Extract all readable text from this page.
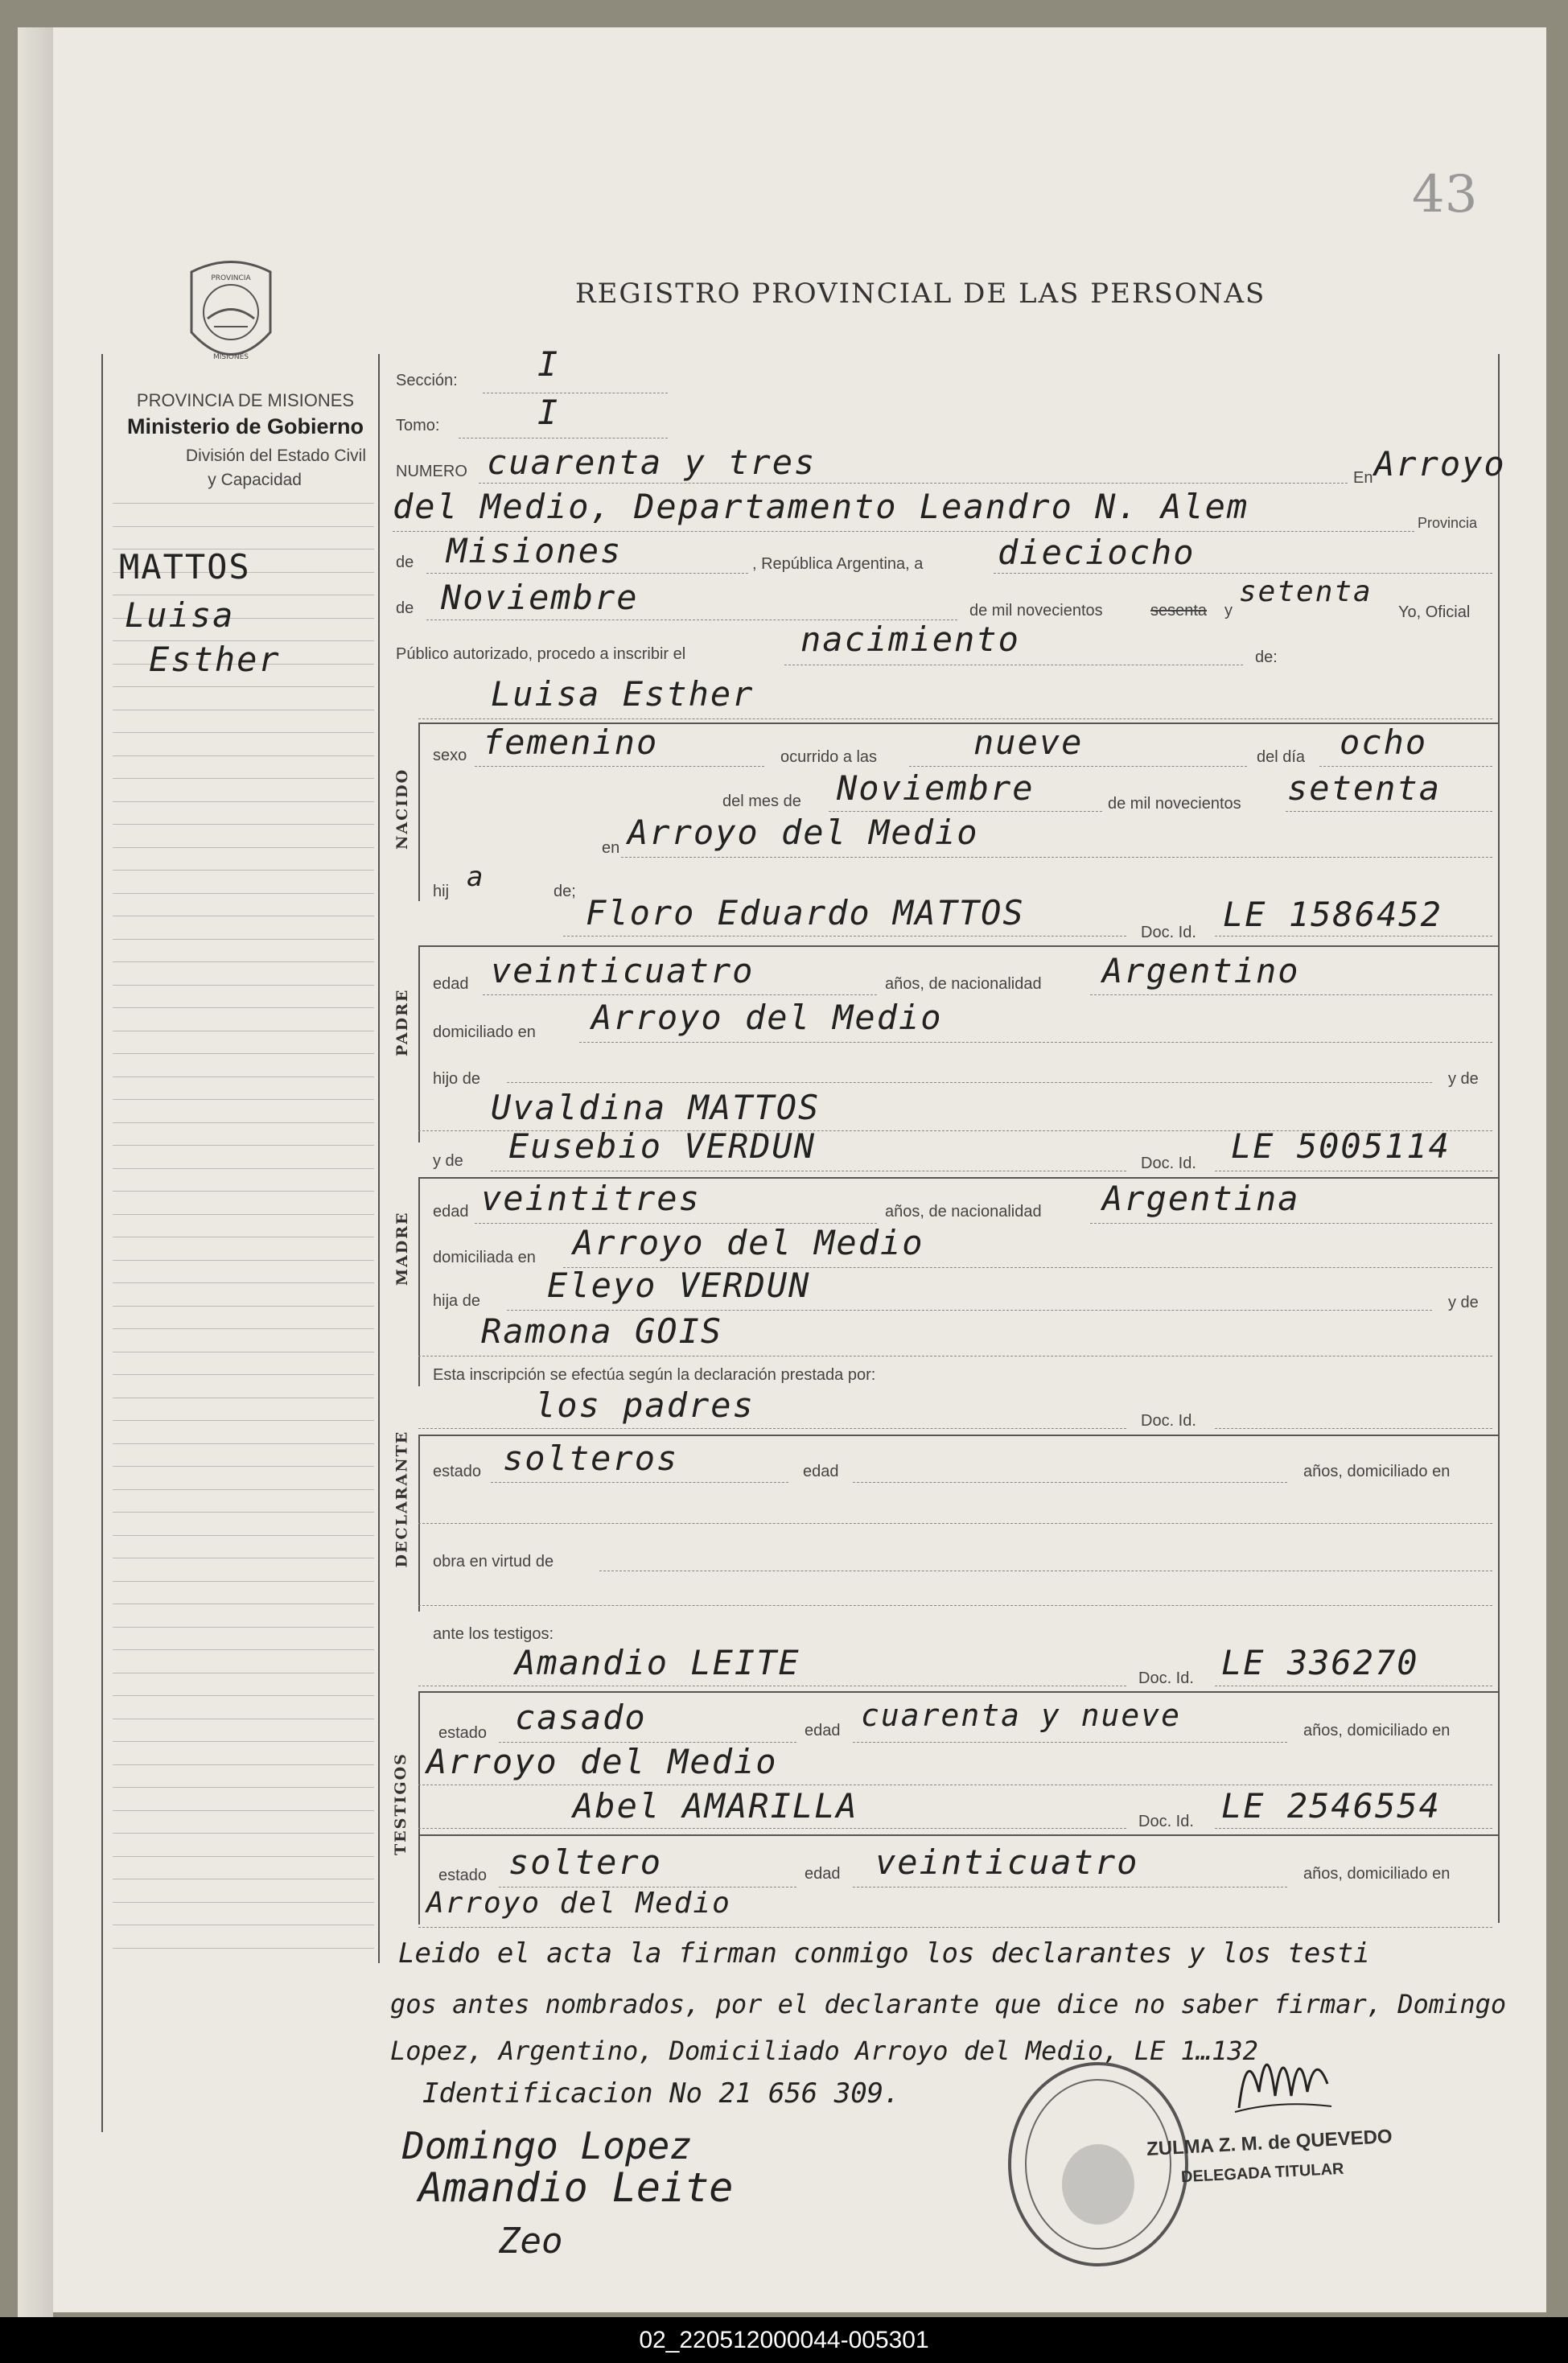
43
PROVINCIA
MISIONES
PROVINCIA DE MISIONES
Ministerio de Gobierno
División del Estado Civil
y Capacidad
REGISTRO PROVINCIAL DE LAS PERSONAS
MATTOS
Luisa
Esther
Sección: I
Tomo:	I
NUMERO cuarenta y tres	En Arroyo
del Medio, Departamento Leandro N. Alem	Provincia
de Misiones	, República Argentina, a dieciocho
de Noviembre	de mil novecientos	sesenta y
setenta
Yo, Oficial
Público autorizado, procedo a inscribir el	nacimiento	de:
Luisa Esther
NACIDO
sexo femenino	ocurrido a las	nueve	del día ocho
del mes de Noviembre	de mil novecientos setenta
en Arroyo del Medio
hij a	de;
Floro Eduardo MATTOS	Doc. Id. LE 1586452
PADRE
edad veinticuatro	años, de nacionalidad Argentino
domiciliado en Arroyo del Medio
hijo de	y de
Uvaldina MATTOS
y de Eusebio VERDUN	Doc. Id. LE 5005114
MADRE edad veintitres	años, de nacionalidad Argentina
domiciliada en Arroyo del Medio
hija de Eleyo VERDUN	y de
Ramona GOIS
Esta inscripción se efectúa según la declaración prestada por:
los padres	Doc. Id.
DECLARANTE estado solteros	edad	años, domiciliado en
obra en virtud de
ante los testigos:
Amandio LEITE	Doc. Id. LE 336270
TESTIGOS
estado casado	edad cuarenta y nueve	años, domiciliado en
Arroyo del Medio
Abel AMARILLA	Doc. Id. LE 2546554
estado soltero	edad veinticuatro	años, domiciliado en
Arroyo del Medio
Leido el acta la firman conmigo los declarantes y los testi
gos antes nombrados, por el declarante que dice no saber firmar, Domingo
Lopez, Argentino, Domiciliado Arroyo del Medio, LE 1…132
Identificacion No 21 656 309.
Domingo Lopez
Amandio Leite
Zeo
ZULMA Z. M. de QUEVEDO
DELEGADA TITULAR
02_220512000044-005301
